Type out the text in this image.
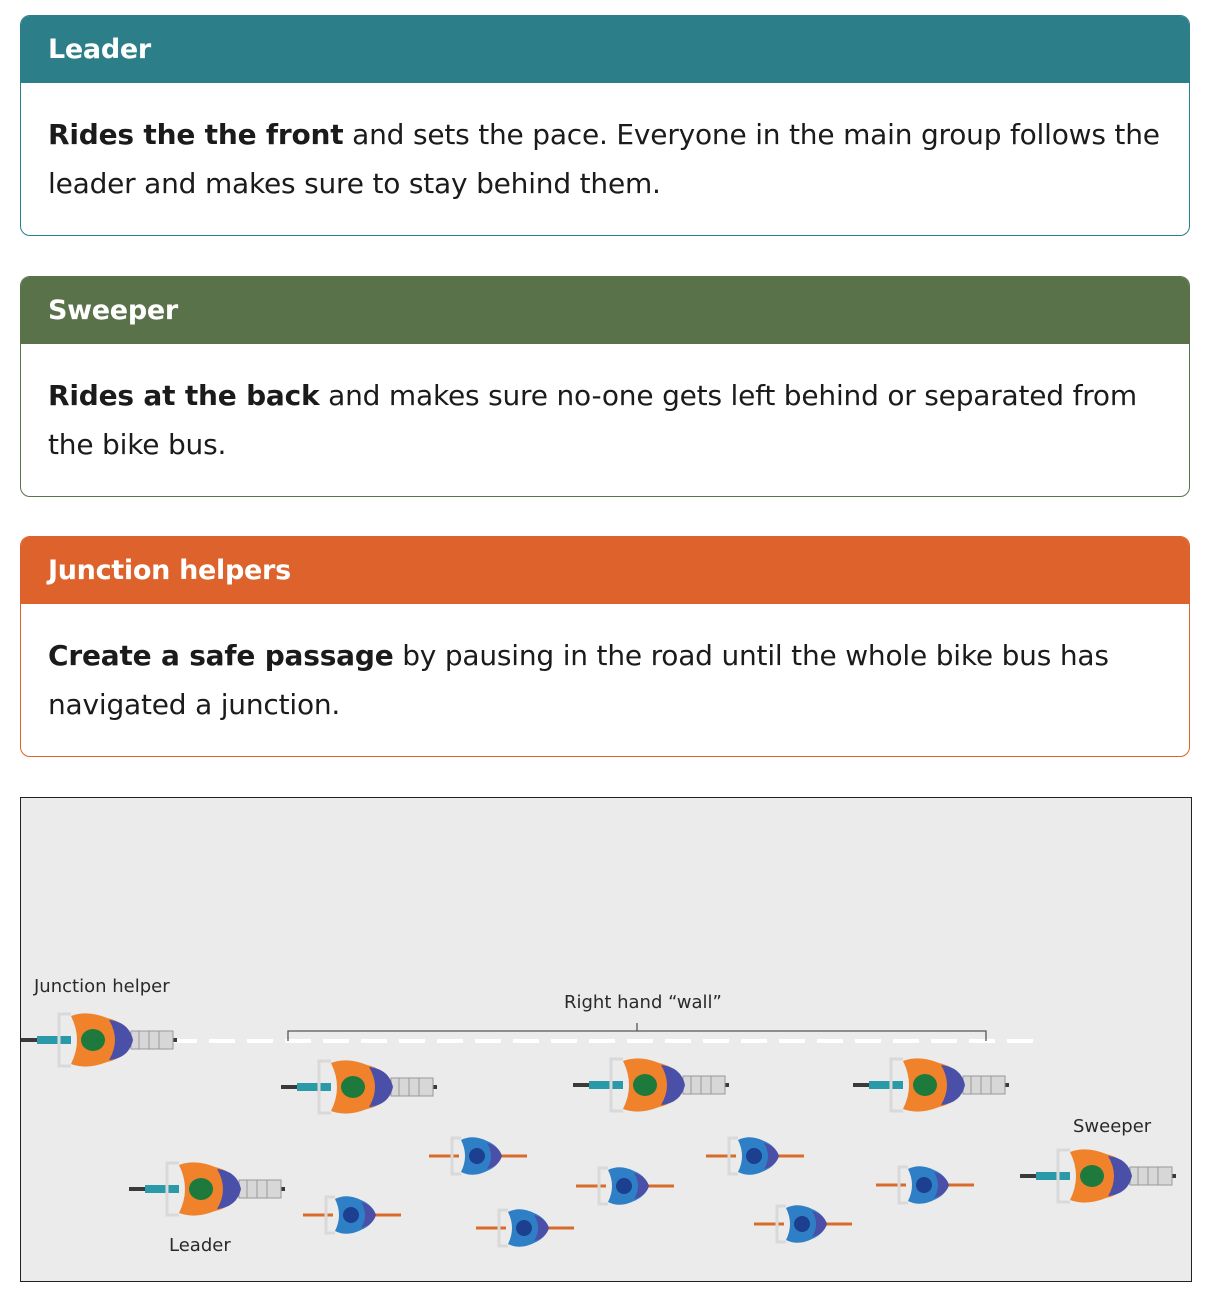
Leader
Rides the the front and sets the pace. Everyone in the main group follows the leader and makes sure to stay behind them.
Sweeper
Rides at the back and makes sure no-one gets left behind or separated from the bike bus.
Junction helpers
Create a safe passage by pausing in the road until the whole bike bus has navigated a junction.
Junction helper
Right hand “wall”
Sweeper
Leader
